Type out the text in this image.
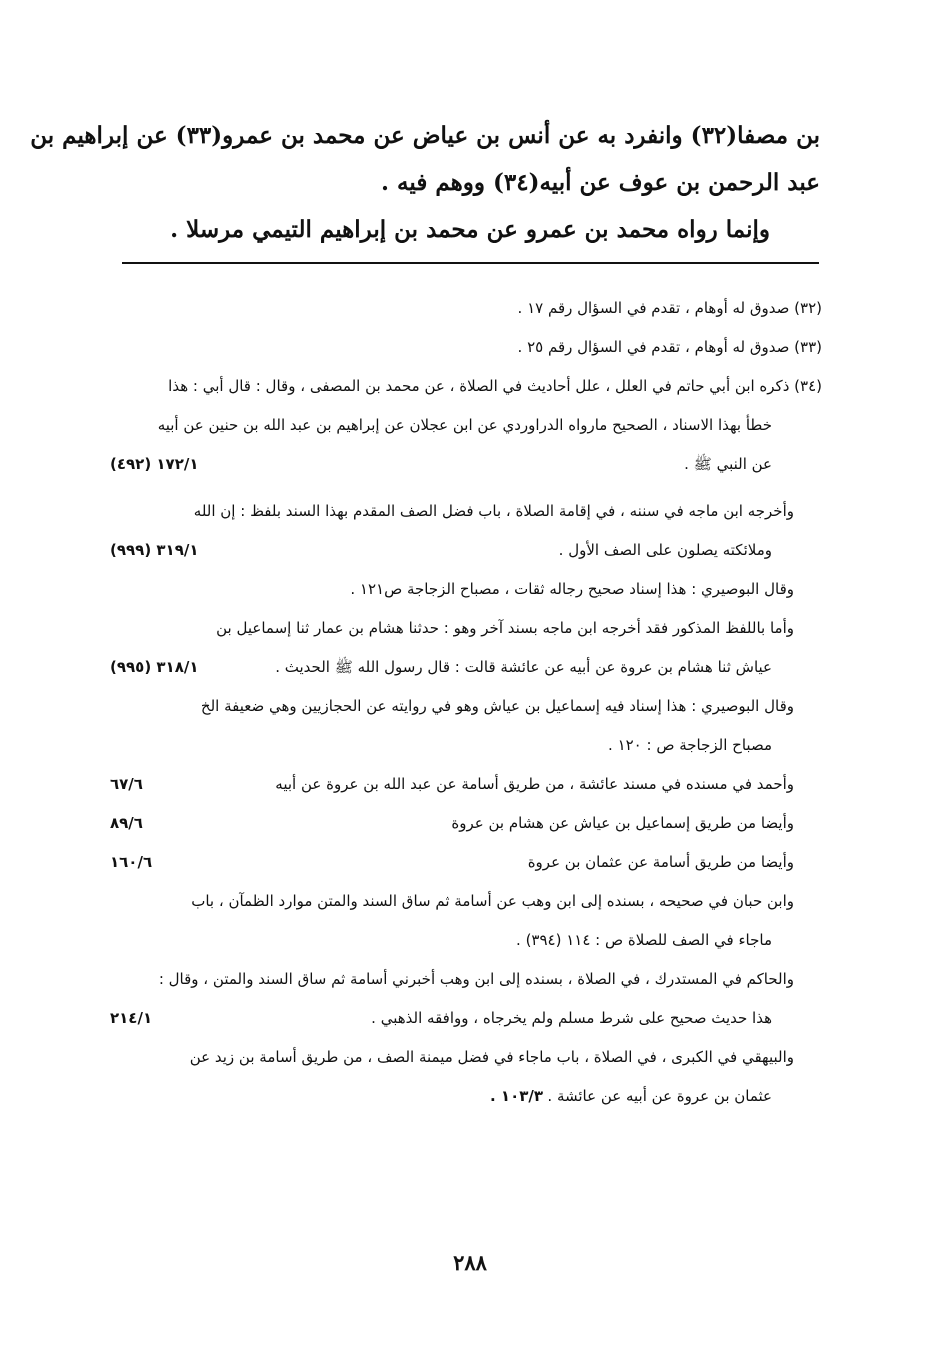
بن مصفا(٣٢) وانفرد به عن أنس بن عياض عن محمد بن عمرو(٣٣) عن إبراهيم بن
عبد الرحمن بن عوف عن أبيه(٣٤) ووهم فيه .
وإنما رواه محمد بن عمرو عن محمد بن إبراهيم التيمي مرسلا .
(٣٢) صدوق له أوهام ، تقدم في السؤال رقم ١٧ .
(٣٣) صدوق له أوهام ، تقدم في السؤال رقم ٢٥ .
(٣٤) ذكره ابن أبي حاتم في العلل ، علل أحاديث في الصلاة ، عن محمد بن المصفى ، وقال : قال أبي : هذا
خطأ بهذا الاسناد ، الصحيح مارواه الدراوردي عن ابن عجلان عن إبراهيم بن عبد الله بن حنين عن أبيه
عن النبي ﷺ .
١٧٢/١ (٤٩٢)
وأخرجه ابن ماجه في سننه ، في إقامة الصلاة ، باب فضل الصف المقدم بهذا السند بلفظ : إن الله
وملائكته يصلون على الصف الأول .
٣١٩/١ (٩٩٩)
وقال البوصيري : هذا إسناد صحيح رجاله ثقات ، مصباح الزجاجة ص١٢١ .
وأما باللفظ المذكور فقد أخرجه ابن ماجه بسند آخر وهو : حدثنا هشام بن عمار ثنا إسماعيل بن
عياش ثنا هشام بن عروة عن أبيه عن عائشة قالت : قال رسول الله ﷺ الحديث .
٣١٨/١ (٩٩٥)
وقال البوصيري : هذا إسناد فيه إسماعيل بن عياش وهو في روايته عن الحجازيين وهي ضعيفة الخ
مصباح الزجاجة ص : ١٢٠ .
وأحمد في مسنده في مسند عائشة ، من طريق أسامة عن عبد الله بن عروة عن أبيه
٦٧/٦
وأيضا من طريق إسماعيل بن عياش عن هشام بن عروة
٨٩/٦
وأيضا من طريق أسامة عن عثمان بن عروة
١٦٠/٦
وابن حبان في صحيحه ، بسنده إلى ابن وهب عن أسامة ثم ساق السند والمتن موارد الظمآن ، باب
ماجاء في الصف للصلاة ص : ١١٤ (٣٩٤) .
والحاكم في المستدرك ، في الصلاة ، بسنده إلى ابن وهب أخبرني أسامة ثم ساق السند والمتن ، وقال :
هذا حديث صحيح على شرط مسلم ولم يخرجاه ، ووافقه الذهبي .
٢١٤/١
والبيهقي في الكبرى ، في الصلاة ، باب ماجاء في فضل ميمنة الصف ، من طريق أسامة بن زيد عن
عثمان بن عروة عن أبيه عن عائشة .
١٠٣/٣ .
٢٨٨
